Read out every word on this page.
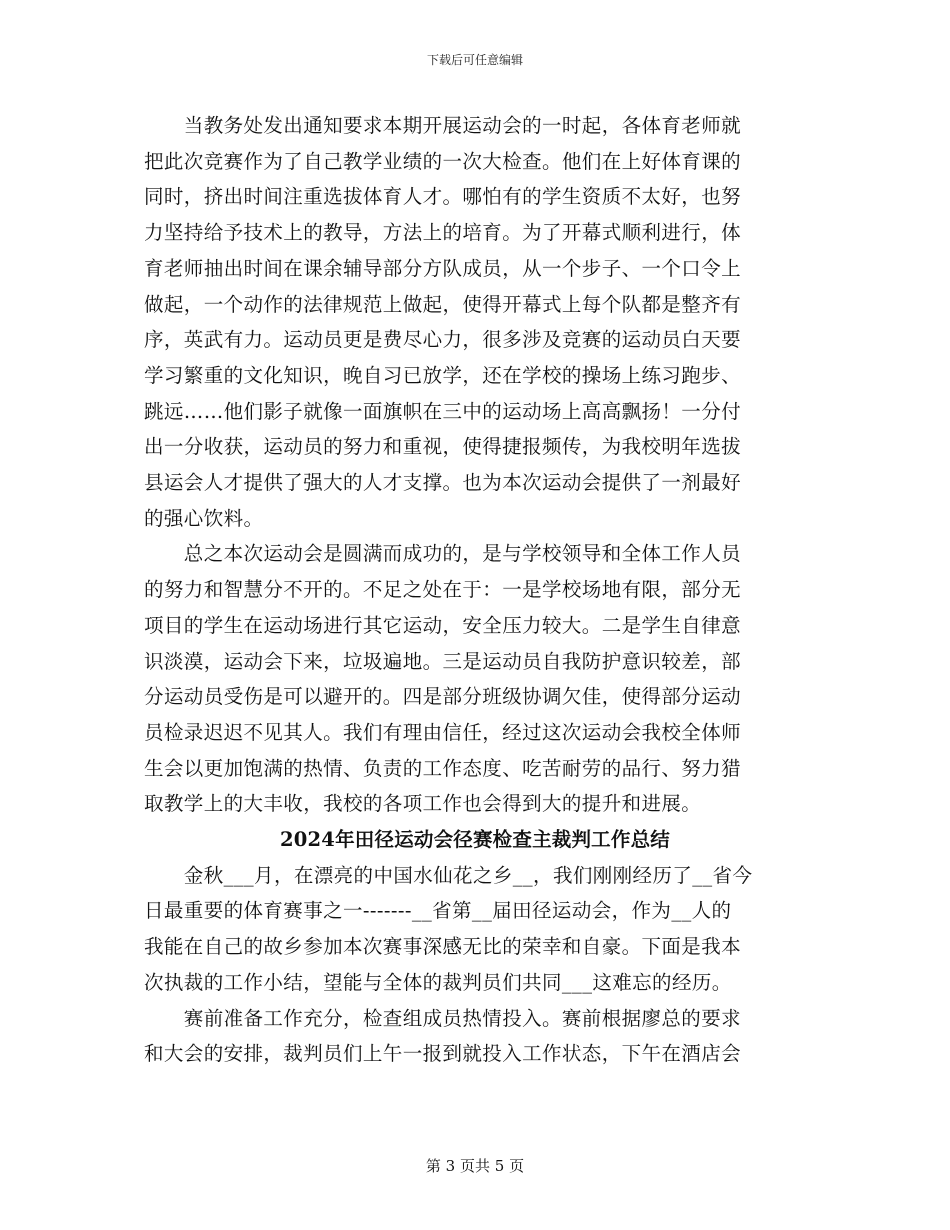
下载后可任意编辑

　　当教务处发出通知要求本期开展运动会的一时起，各体育老师就

把此次竞赛作为了自己教学业绩的一次大检查。他们在上好体育课的

同时，挤出时间注重选拔体育人才。哪怕有的学生资质不太好，也努

力坚持给予技术上的教导，方法上的培育。为了开幕式顺利进行，体

育老师抽出时间在课余辅导部分方队成员，从一个步子、一个口令上

做起，一个动作的法律规范上做起，使得开幕式上每个队都是整齐有

序，英武有力。运动员更是费尽心力，很多涉及竞赛的运动员白天要

学习繁重的文化知识，晚自习已放学，还在学校的操场上练习跑步、

跳远……他们影子就像一面旗帜在三中的运动场上高高飘扬！一分付

出一分收获，运动员的努力和重视，使得捷报频传，为我校明年选拔

县运会人才提供了强大的人才支撑。也为本次运动会提供了一剂最好

的强心饮料。

　　总之本次运动会是圆满而成功的，是与学校领导和全体工作人员

的努力和智慧分不开的。不足之处在于：一是学校场地有限，部分无

项目的学生在运动场进行其它运动，安全压力较大。二是学生自律意

识淡漠，运动会下来，垃圾遍地。三是运动员自我防护意识较差，部

分运动员受伤是可以避开的。四是部分班级协调欠佳，使得部分运动

员检录迟迟不见其人。我们有理由信任，经过这次运动会我校全体师

生会以更加饱满的热情、负责的工作态度、吃苦耐劳的品行、努力猎

取教学上的大丰收，我校的各项工作也会得到大的提升和进展。

2024年田径运动会径赛检查主裁判工作总结

　　金秋___月，在漂亮的中国水仙花之乡__，我们刚刚经历了__省今

日最重要的体育赛事之一-------__省第__届田径运动会，作为__人的

我能在自己的故乡参加本次赛事深感无比的荣幸和自豪。下面是我本

次执裁的工作小结，望能与全体的裁判员们共同___这难忘的经历。

　　赛前准备工作充分，检查组成员热情投入。赛前根据廖总的要求

和大会的安排，裁判员们上午一报到就投入工作状态，下午在酒店会

第 3 页共 5 页
